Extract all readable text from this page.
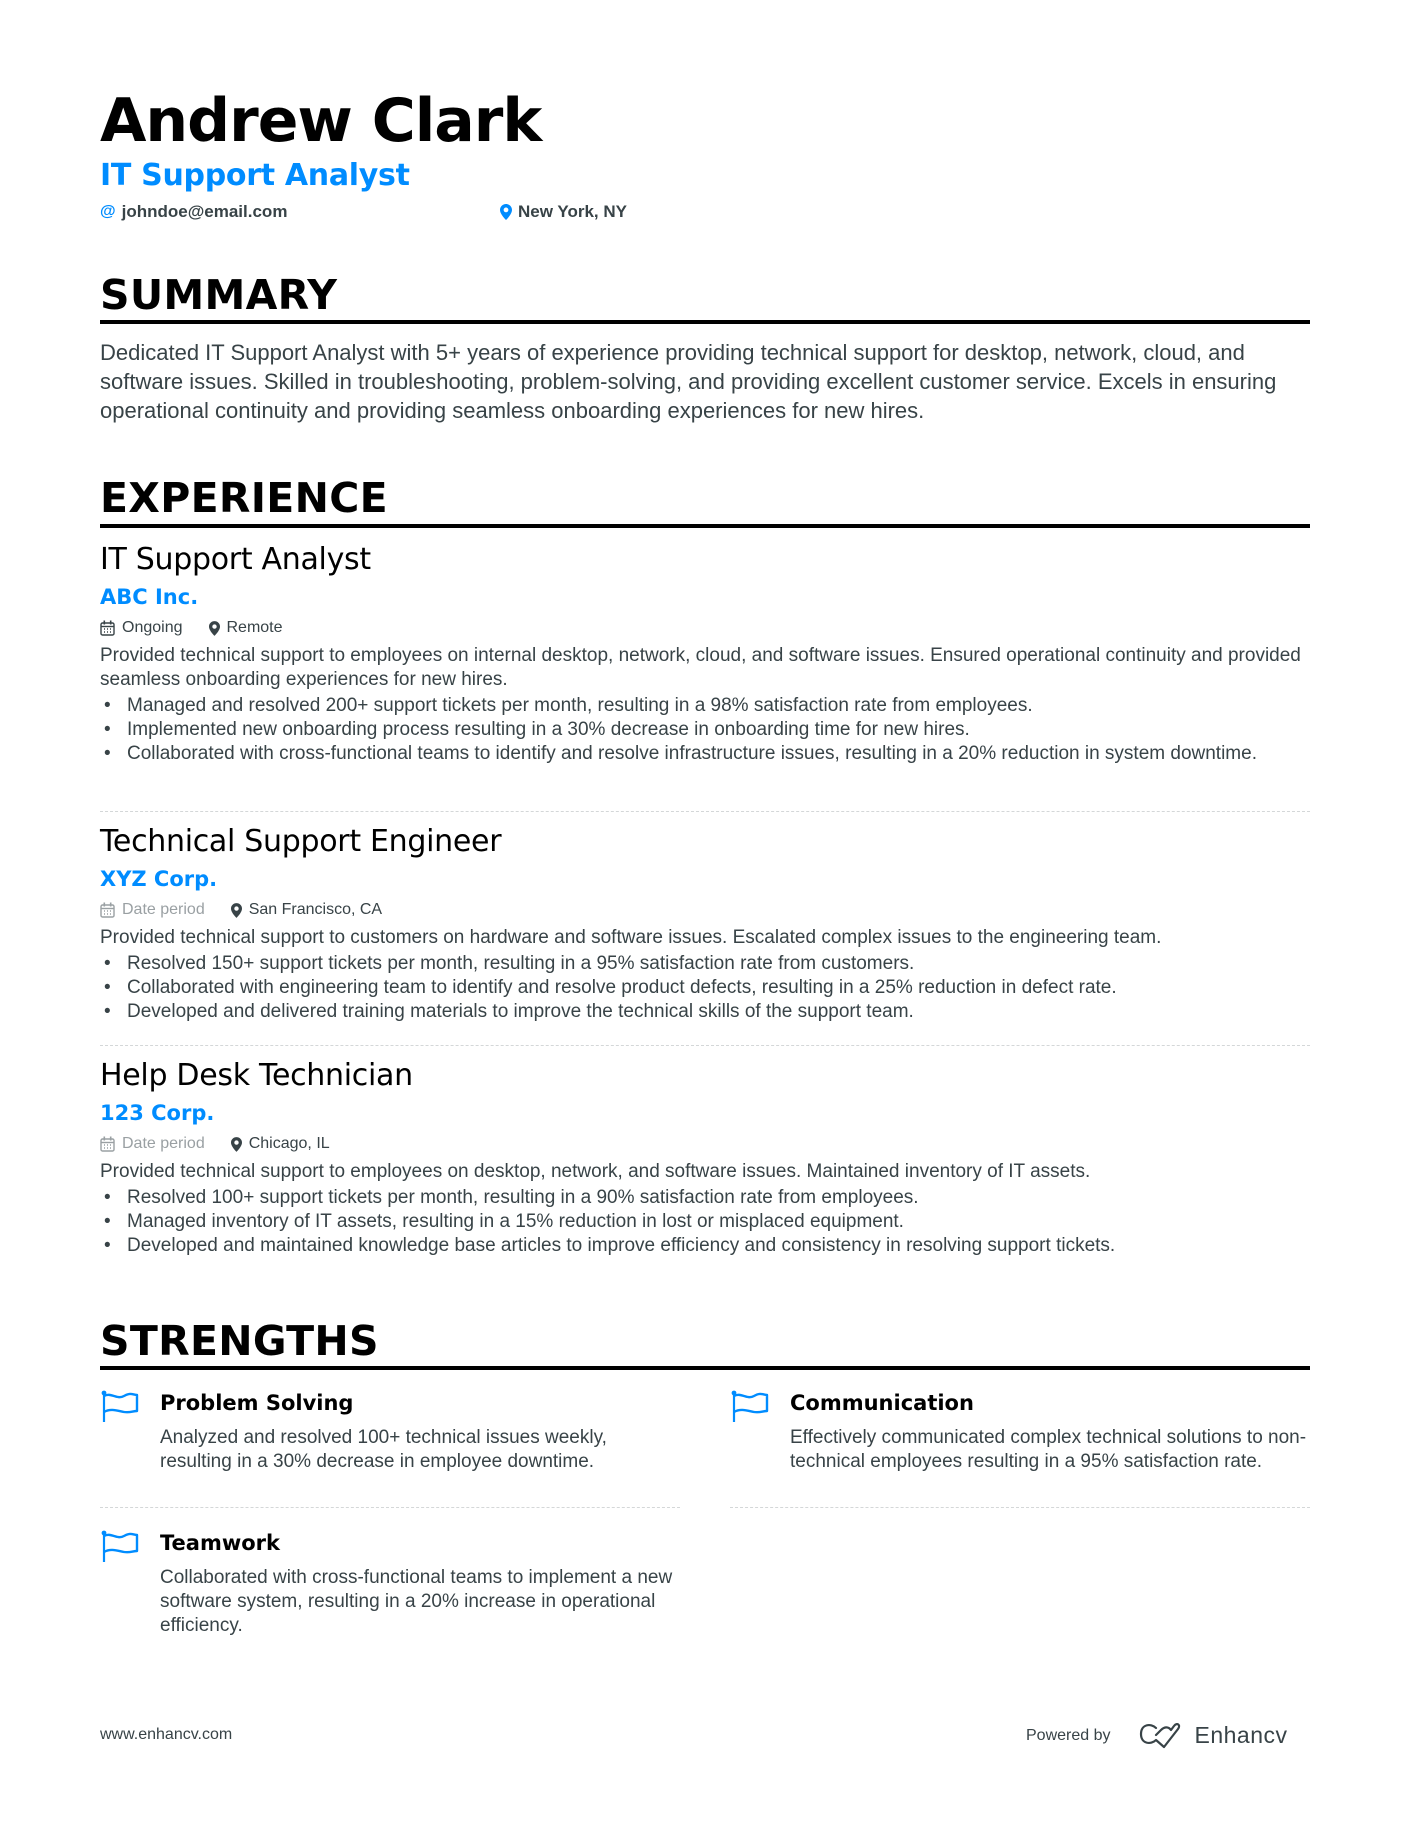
Andrew Clark
IT Support Analyst
@ johndoe@email.com	New York, NY
SUMMARY
Dedicated IT Support Analyst with 5+ years of experience providing technical support for desktop, network, cloud, and software issues. Skilled in troubleshooting, problem-solving, and providing excellent customer service. Excels in ensuring operational continuity and providing seamless onboarding experiences for new hires.
EXPERIENCE
IT Support Analyst
ABC Inc.
Ongoing	Remote
Provided technical support to employees on internal desktop, network, cloud, and software issues. Ensured operational continuity and provided seamless onboarding experiences for new hires.
• Managed and resolved 200+ support tickets per month, resulting in a 98% satisfaction rate from employees.
• Implemented new onboarding process resulting in a 30% decrease in onboarding time for new hires.
• Collaborated with cross-functional teams to identify and resolve infrastructure issues, resulting in a 20% reduction in system downtime.
Technical Support Engineer
XYZ Corp.
Date period	San Francisco, CA
Provided technical support to customers on hardware and software issues. Escalated complex issues to the engineering team.
• Resolved 150+ support tickets per month, resulting in a 95% satisfaction rate from customers.
• Collaborated with engineering team to identify and resolve product defects, resulting in a 25% reduction in defect rate.
• Developed and delivered training materials to improve the technical skills of the support team.
Help Desk Technician
123 Corp.
Date period	Chicago, IL
Provided technical support to employees on desktop, network, and software issues. Maintained inventory of IT assets.
• Resolved 100+ support tickets per month, resulting in a 90% satisfaction rate from employees.
• Managed inventory of IT assets, resulting in a 15% reduction in lost or misplaced equipment.
• Developed and maintained knowledge base articles to improve efficiency and consistency in resolving support tickets.
STRENGTHS
Problem Solving
Analyzed and resolved 100+ technical issues weekly, resulting in a 30% decrease in employee downtime.
Communication
Effectively communicated complex technical solutions to non-technical employees resulting in a 95% satisfaction rate.
Teamwork
Collaborated with cross-functional teams to implement a new software system, resulting in a 20% increase in operational efficiency.
www.enhancv.com	Powered by	Enhancv
